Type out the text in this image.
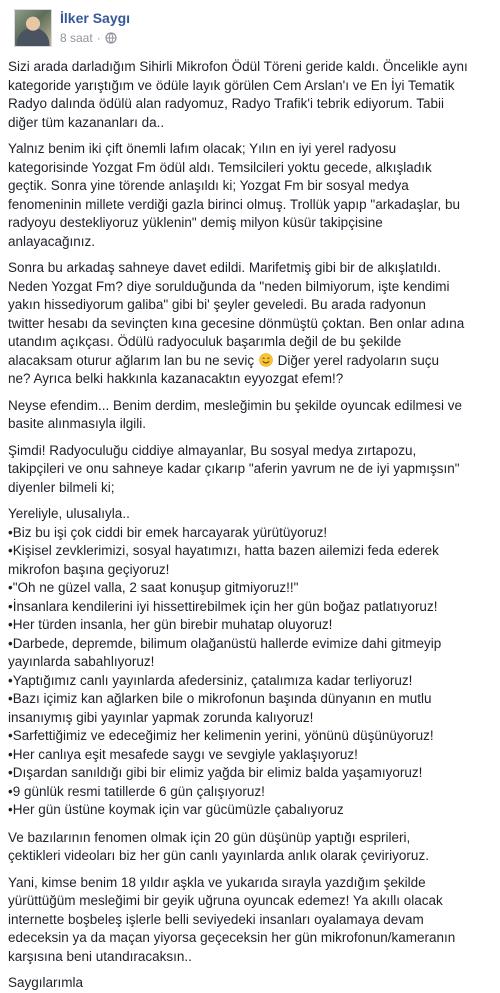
İlker Saygı
8 saat ·

Sizi arada darladığım Sihirli Mikrofon Ödül Töreni geride kaldı. Öncelikle aynı
kategoride yarıştığım ve ödüle layık görülen Cem Arslan'ı ve En İyi Tematik
Radyo dalında ödülü alan radyomuz, Radyo Trafik'i tebrik ediyorum. Tabii
diğer tüm kazananları da..

Yalnız benim iki çift önemli lafım olacak; Yılın en iyi yerel radyosu
kategorisinde Yozgat Fm ödül aldı. Temsilcileri yoktu gecede, alkışladık
geçtik. Sonra yine törende anlaşıldı ki; Yozgat Fm bir sosyal medya
fenomeninin millete verdiği gazla birinci olmuş. Trollük yapıp "arkadaşlar, bu
radyoyu destekliyoruz yüklenin" demiş milyon küsür takipçisine
anlayacağınız.

Sonra bu arkadaş sahneye davet edildi. Marifetmiş gibi bir de alkışlatıldı.
Neden Yozgat Fm? diye sorulduğunda da "neden bilmiyorum, işte kendimi
yakın hissediyorum galiba" gibi bi' şeyler geveledi. Bu arada radyonun
twitter hesabı da sevinçten kına gecesine dönmüştü çoktan. Ben onlar adına
utandım açıkçası. Ödülü radyoculuk başarımla değil de bu şekilde
alacaksam oturur ağlarım lan bu ne seviç  Diğer yerel radyoların suçu
ne? Ayrıca belki hakkınla kazanacaktın eyyozgat efem!?

Neyse efendim... Benim derdim, mesleğimin bu şekilde oyuncak edilmesi ve
basite alınmasıyla ilgili.

Şimdi! Radyoculuğu ciddiye almayanlar, Bu sosyal medya zırtapozu,
takipçileri ve onu sahneye kadar çıkarıp "aferin yavrum ne de iyi yapmışsın"
diyenler bilmeli ki;

Yereliyle, ulusalıyla..
•Biz bu işi çok ciddi bir emek harcayarak yürütüyoruz!
•Kişisel zevklerimizi, sosyal hayatımızı, hatta bazen ailemizi feda ederek
mikrofon başına geçiyoruz!
•"Oh ne güzel valla, 2 saat konuşup gitmiyoruz!!"
•İnsanlara kendilerini iyi hissettirebilmek için her gün boğaz patlatıyoruz!
•Her türden insanla, her gün birebir muhatap oluyoruz!
•Darbede, depremde, bilimum olağanüstü hallerde evimize dahi gitmeyip
yayınlarda sabahlıyoruz!
•Yaptığımız canlı yayınlarda afedersiniz, çatalımıza kadar terliyoruz!
•Bazı içimiz kan ağlarken bile o mikrofonun başında dünyanın en mutlu
insanıymış gibi yayınlar yapmak zorunda kalıyoruz!
•Sarfettiğimiz ve edeceğimiz her kelimenin yerini, yönünü düşünüyoruz!
•Her canlıya eşit mesafede saygı ve sevgiyle yaklaşıyoruz!
•Dışardan sanıldığı gibi bir elimiz yağda bir elimiz balda yaşamıyoruz!
•9 günlük resmi tatillerde 6 gün çalışıyoruz!
•Her gün üstüne koymak için var gücümüzle çabalıyoruz

Ve bazılarının fenomen olmak için 20 gün düşünüp yaptığı esprileri,
çektikleri videoları biz her gün canlı yayınlarda anlık olarak çeviriyoruz.

Yani, kimse benim 18 yıldır aşkla ve yukarıda sırayla yazdığım şekilde
yürüttüğüm mesleğimi bir geyik uğruna oyuncak edemez! Ya akıllı olacak
internette boşbeleş işlerle belli seviyedeki insanları oyalamaya devam
edeceksin ya da maçan yiyorsa geçeceksin her gün mikrofonun/kameranın
karşısına beni utandıracaksın..

Saygılarımla
